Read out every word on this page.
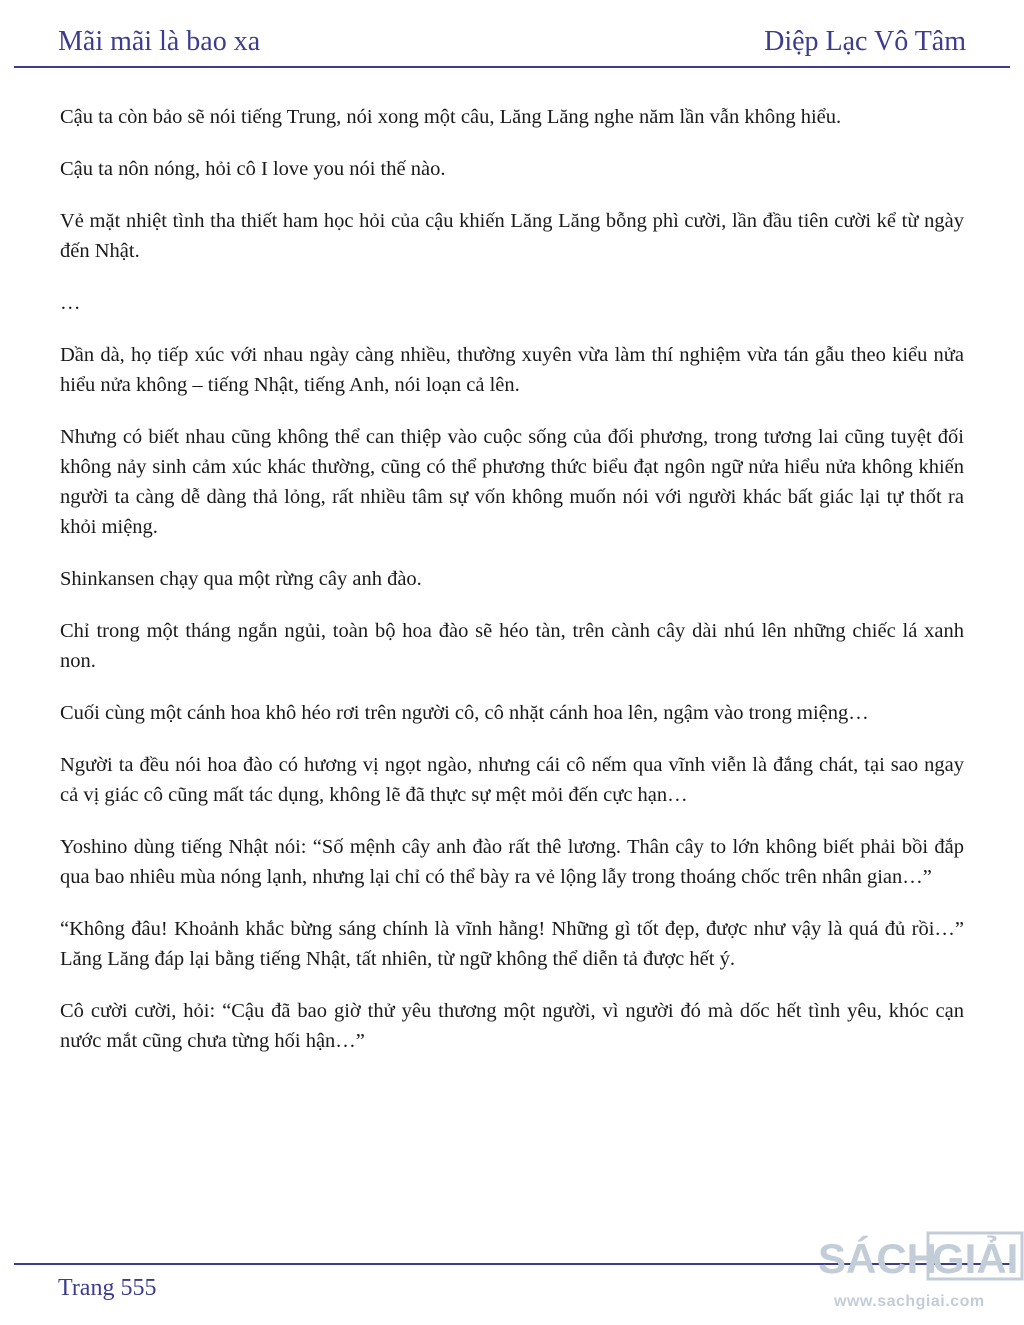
Mãi mãi là bao xa	Diệp Lạc Vô Tâm

Cậu ta còn bảo sẽ nói tiếng Trung, nói xong một câu, Lăng Lăng nghe năm lần vẫn không hiểu.

Cậu ta nôn nóng, hỏi cô I love you nói thế nào.

Vẻ mặt nhiệt tình tha thiết ham học hỏi của cậu khiến Lăng Lăng bỗng phì cười, lần đầu tiên cười kể từ ngày đến Nhật.

…

Dần dà, họ tiếp xúc với nhau ngày càng nhiều, thường xuyên vừa làm thí nghiệm vừa tán gẫu theo kiểu nửa hiểu nửa không – tiếng Nhật, tiếng Anh, nói loạn cả lên.

Nhưng có biết nhau cũng không thể can thiệp vào cuộc sống của đối phương, trong tương lai cũng tuyệt đối không nảy sinh cảm xúc khác thường, cũng có thể phương thức biểu đạt ngôn ngữ nửa hiểu nửa không khiến người ta càng dễ dàng thả lỏng, rất nhiều tâm sự vốn không muốn nói với người khác bất giác lại tự thốt ra khỏi miệng.

Shinkansen chạy qua một rừng cây anh đào.

Chỉ trong một tháng ngắn ngủi, toàn bộ hoa đào sẽ héo tàn, trên cành cây dài nhú lên những chiếc lá xanh non.

Cuối cùng một cánh hoa khô héo rơi trên người cô, cô nhặt cánh hoa lên, ngậm vào trong miệng…

Người ta đều nói hoa đào có hương vị ngọt ngào, nhưng cái cô nếm qua vĩnh viễn là đắng chát, tại sao ngay cả vị giác cô cũng mất tác dụng, không lẽ đã thực sự mệt mỏi đến cực hạn…

Yoshino dùng tiếng Nhật nói: “Số mệnh cây anh đào rất thê lương. Thân cây to lớn không biết phải bồi đắp qua bao nhiêu mùa nóng lạnh, nhưng lại chỉ có thể bày ra vẻ lộng lẫy trong thoáng chốc trên nhân gian…”

“Không đâu! Khoảnh khắc bừng sáng chính là vĩnh hằng! Những gì tốt đẹp, được như vậy là quá đủ rồi…” Lăng Lăng đáp lại bằng tiếng Nhật, tất nhiên, từ ngữ không thể diễn tả được hết ý.

Cô cười cười, hỏi: “Cậu đã bao giờ thử yêu thương một người, vì người đó mà dốc hết tình yêu, khóc cạn nước mắt cũng chưa từng hối hận…”

Trang 555
SÁCH
GIẢI
www.sachgiai.com
